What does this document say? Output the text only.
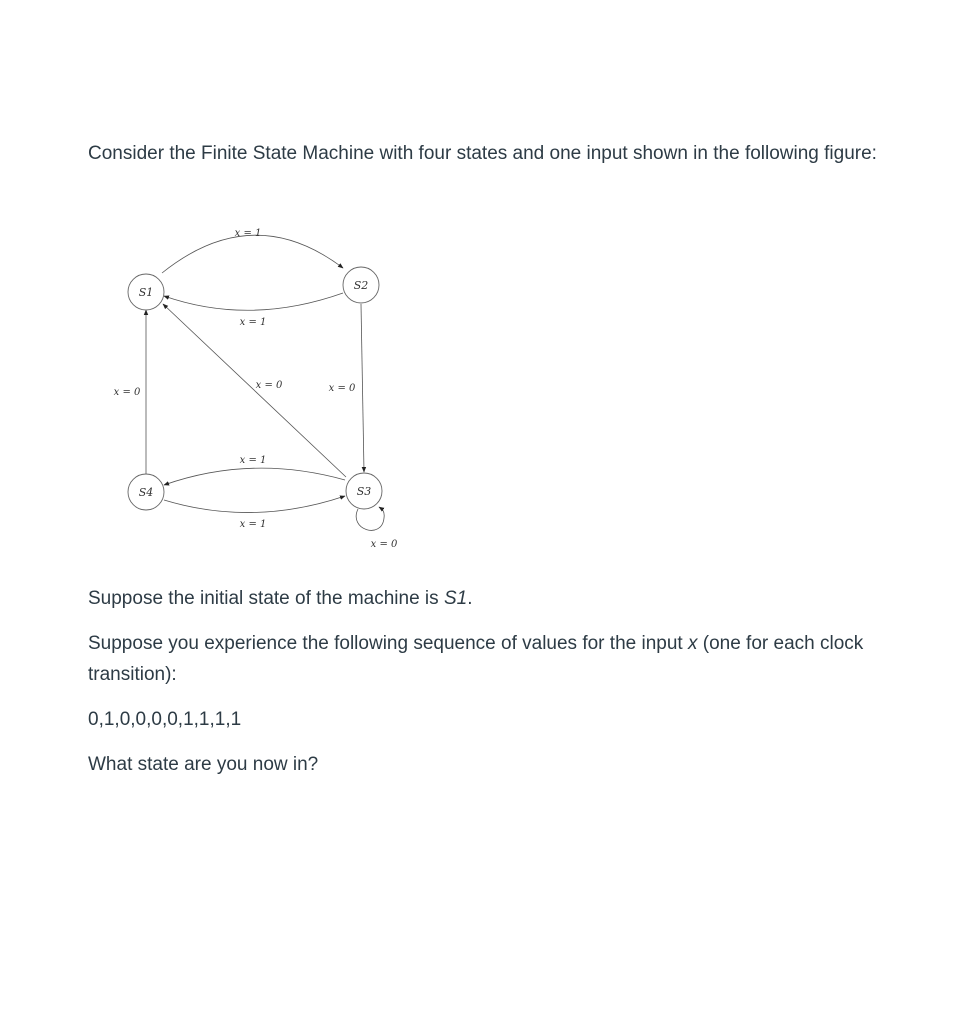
Consider the Finite State Machine with four states and one input shown in the following figure:

S1
S2
S3
S4
x = 1
x = 1
x = 0	x = 0
x = 0
x = 1
x = 1
x = 0

Suppose the initial state of the machine is S1.

Suppose you experience the following sequence of values for the input x (one for each clock transition):

0,1,0,0,0,0,1,1,1,1

What state are you now in?
